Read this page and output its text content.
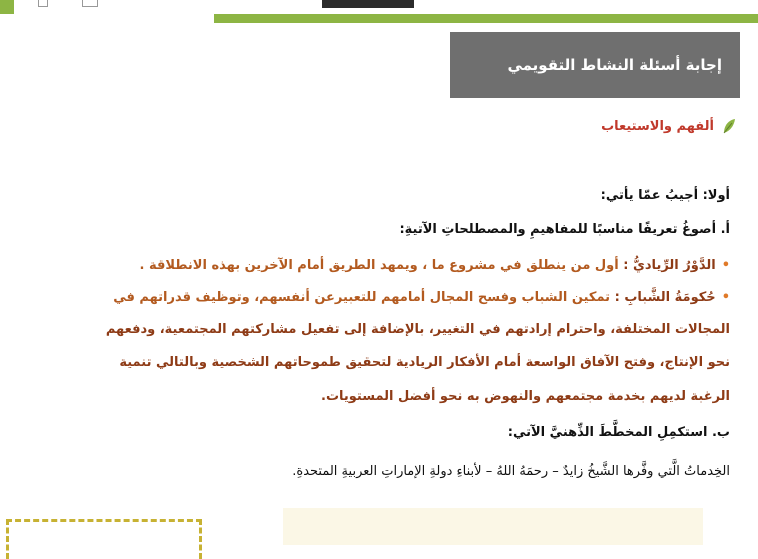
إجابة أسئلة النشاط التقويمي
ألفهم والاستيعاب
أولا: أجيبُ عمّا يأتي:
أ. أصوغُ تعريفًا مناسبًا للمفاهيمِ والمصطلحاتِ الآتيةِ:
•الدَّوْرُ الرِّياديُّ : أول من ينطلق في مشروع ما ، ويمهد الطريق أمام الآخرين بهذه الانطلاقة .
•حُكومَةُ الشَّبابِ : تمكين الشباب وفسح المجال أمامهم للتعبيرعن أنفسهم، وتوظيف قدراتهم في
المجالات المختلفة، واحترام إرادتهم في التغيير، بالإضافة إلى تفعيل مشاركتهم المجتمعية، ودفعهم
نحو الإنتاج، وفتح الآفاق الواسعة أمام الأفكار الريادية لتحقيق طموحاتهم الشخصية وبالتالي تنمية
الرغبة لديهم بخدمة مجتمعهم والنهوض به نحو أفضل المستويات.
ب. استكمِلِ المخطَّطَ الذِّهنيَّ الآتي:
الخِدماتُ الَّتي وفَّرها الشَّيخُ زايدٌ – رحمَهُ اللهُ – لأبناءِ دولةِ الإماراتِ العربيةِ المتحدةِ.
